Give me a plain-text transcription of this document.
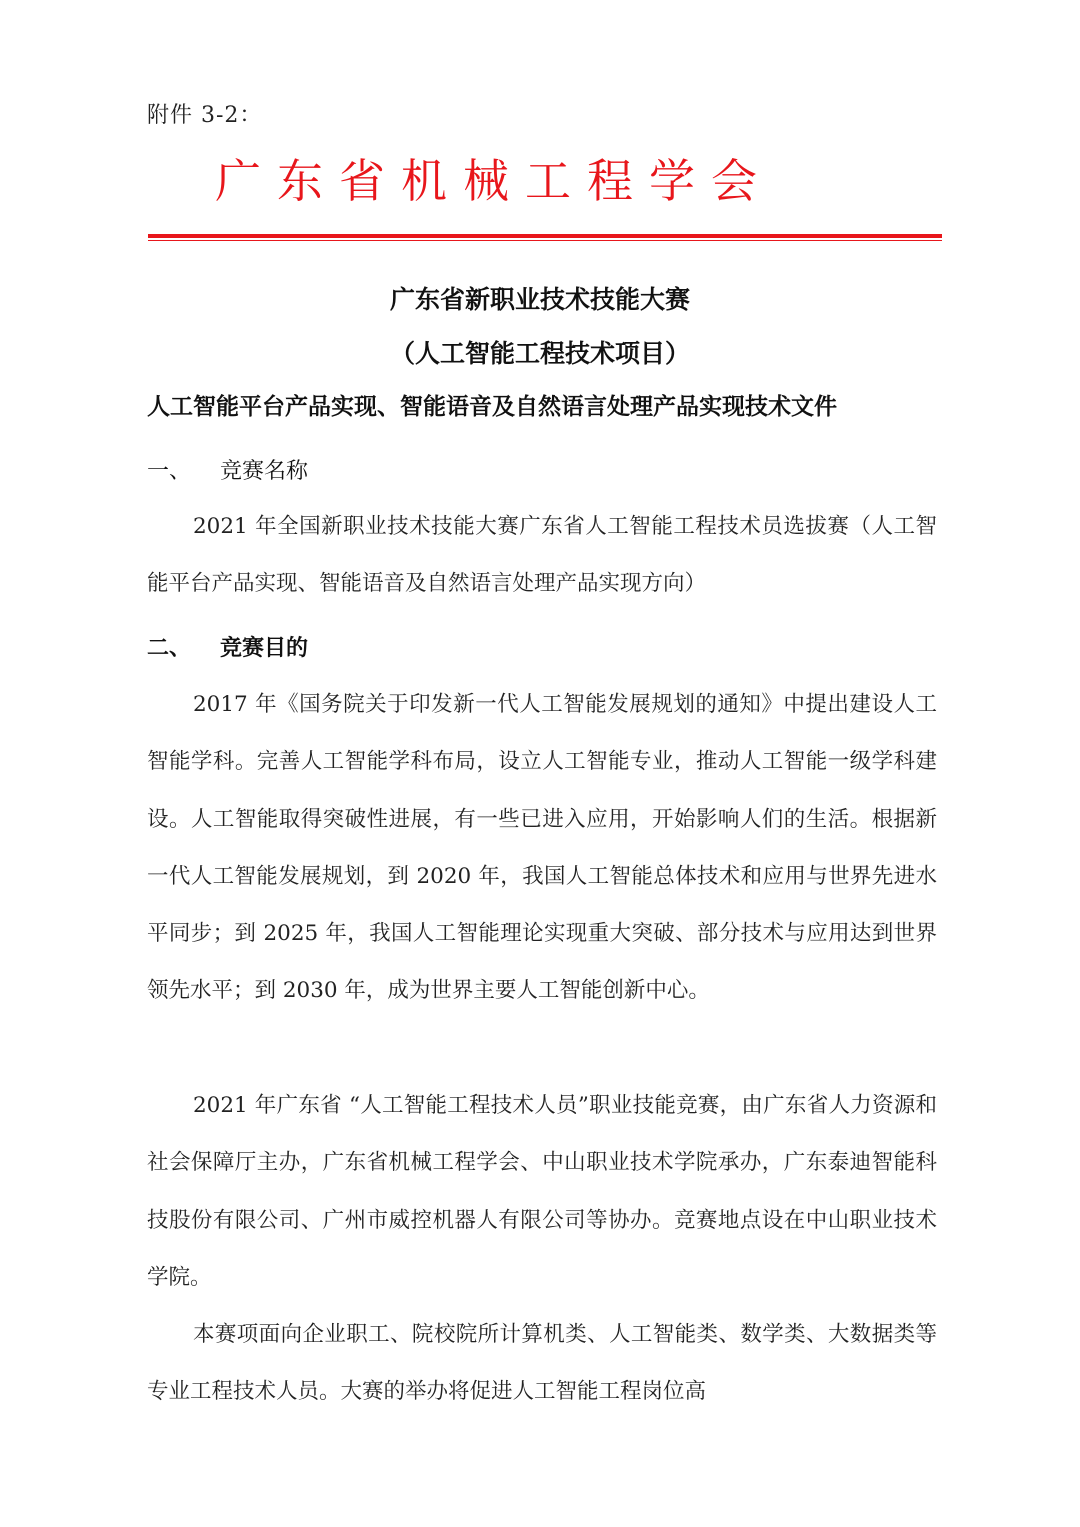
附件 3-2：
广东省机械工程学会
广东省新职业技术技能大赛
（人工智能工程技术项目）
人工智能平台产品实现、智能语音及自然语言处理产品实现技术文件
一、 竞赛名称
2021 年全国新职业技术技能大赛广东省人工智能工程技术员选拔赛（人工智能平台产品实现、智能语音及自然语言处理产品实现方向）
二、 竞赛目的
2017 年《国务院关于印发新一代人工智能发展规划的通知》中提出建设人工智能学科。完善人工智能学科布局，设立人工智能专业，推动人工智能一级学科建设。人工智能取得突破性进展，有一些已进入应用，开始影响人们的生活。根据新一代人工智能发展规划，到 2020 年，我国人工智能总体技术和应用与世界先进水平同步；到 2025 年，我国人工智能理论实现重大突破、部分技术与应用达到世界领先水平；到 2030 年，成为世界主要人工智能创新中心。
2021 年广东省 “人工智能工程技术人员”职业技能竞赛，由广东省人力资源和社会保障厅主办，广东省机械工程学会、中山职业技术学院承办，广东泰迪智能科技股份有限公司、广州市威控机器人有限公司等协办。竞赛地点设在中山职业技术学院。
本赛项面向企业职工、院校院所计算机类、人工智能类、数学类、大数据类等专业工程技术人员。大赛的举办将促进人工智能工程岗位高
